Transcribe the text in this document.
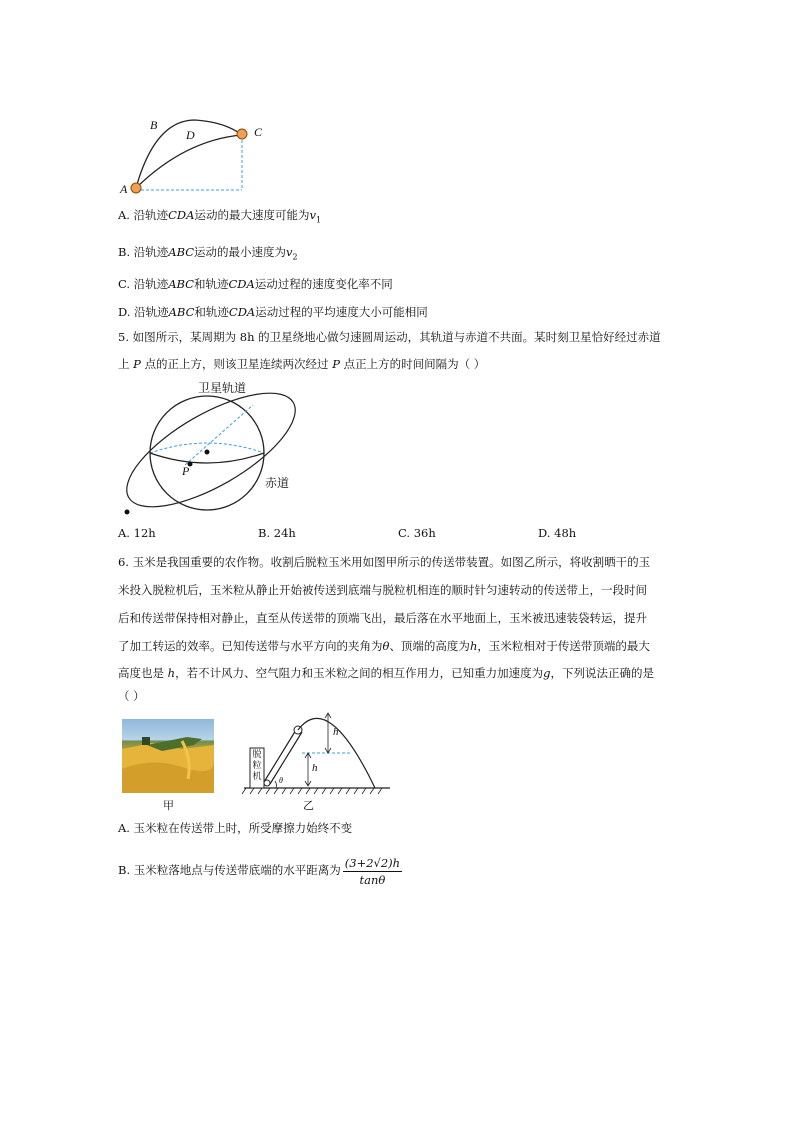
B
D	C
A
A. 沿轨迹CDA运动的最大速度可能为$v_1$
B. 沿轨迹ABC运动的最小速度为$v_2$
C. 沿轨迹ABC和轨迹CDA运动过程的速度变化率不同
D. 沿轨迹ABC和轨迹CDA运动过程的平均速度大小可能相同
5. 如图所示，某周期为 8h 的卫星绕地心做匀速圆周运动，其轨道与赤道不共面。某时刻卫星恰好经过赤道
上 P 点的正上方，则该卫星连续两次经过 P 点正上方的时间间隔为（ ）
卫星轨道
赤道
P
A. 12h	B. 24h	C. 36h	D. 48h
6. 玉米是我国重要的农作物。收割后脱粒玉米用如图甲所示的传送带装置。如图乙所示，将收割晒干的玉
米投入脱粒机后，玉米粒从静止开始被传送到底端与脱粒机相连的顺时针匀速转动的传送带上，一段时间
后和传送带保持相对静止，直至从传送带的顶端飞出，最后落在水平地面上，玉米被迅速装袋转运，提升
了加工转运的效率。已知传送带与水平方向的夹角为θ、顶端的高度为h，玉米粒相对于传送带顶端的最大
高度也是 h，若不计风力、空气阻力和玉米粒之间的相互作用力，已知重力加速度为g，下列说法正确的是
（ ）
甲
脱
粒
机
h
h
θ
乙
A. 玉米粒在传送带上时，所受摩擦力始终不变
B. 玉米粒落地点与传送带底端的水平距离为 $\frac{(3+2√2)h}{\tan\theta}$
